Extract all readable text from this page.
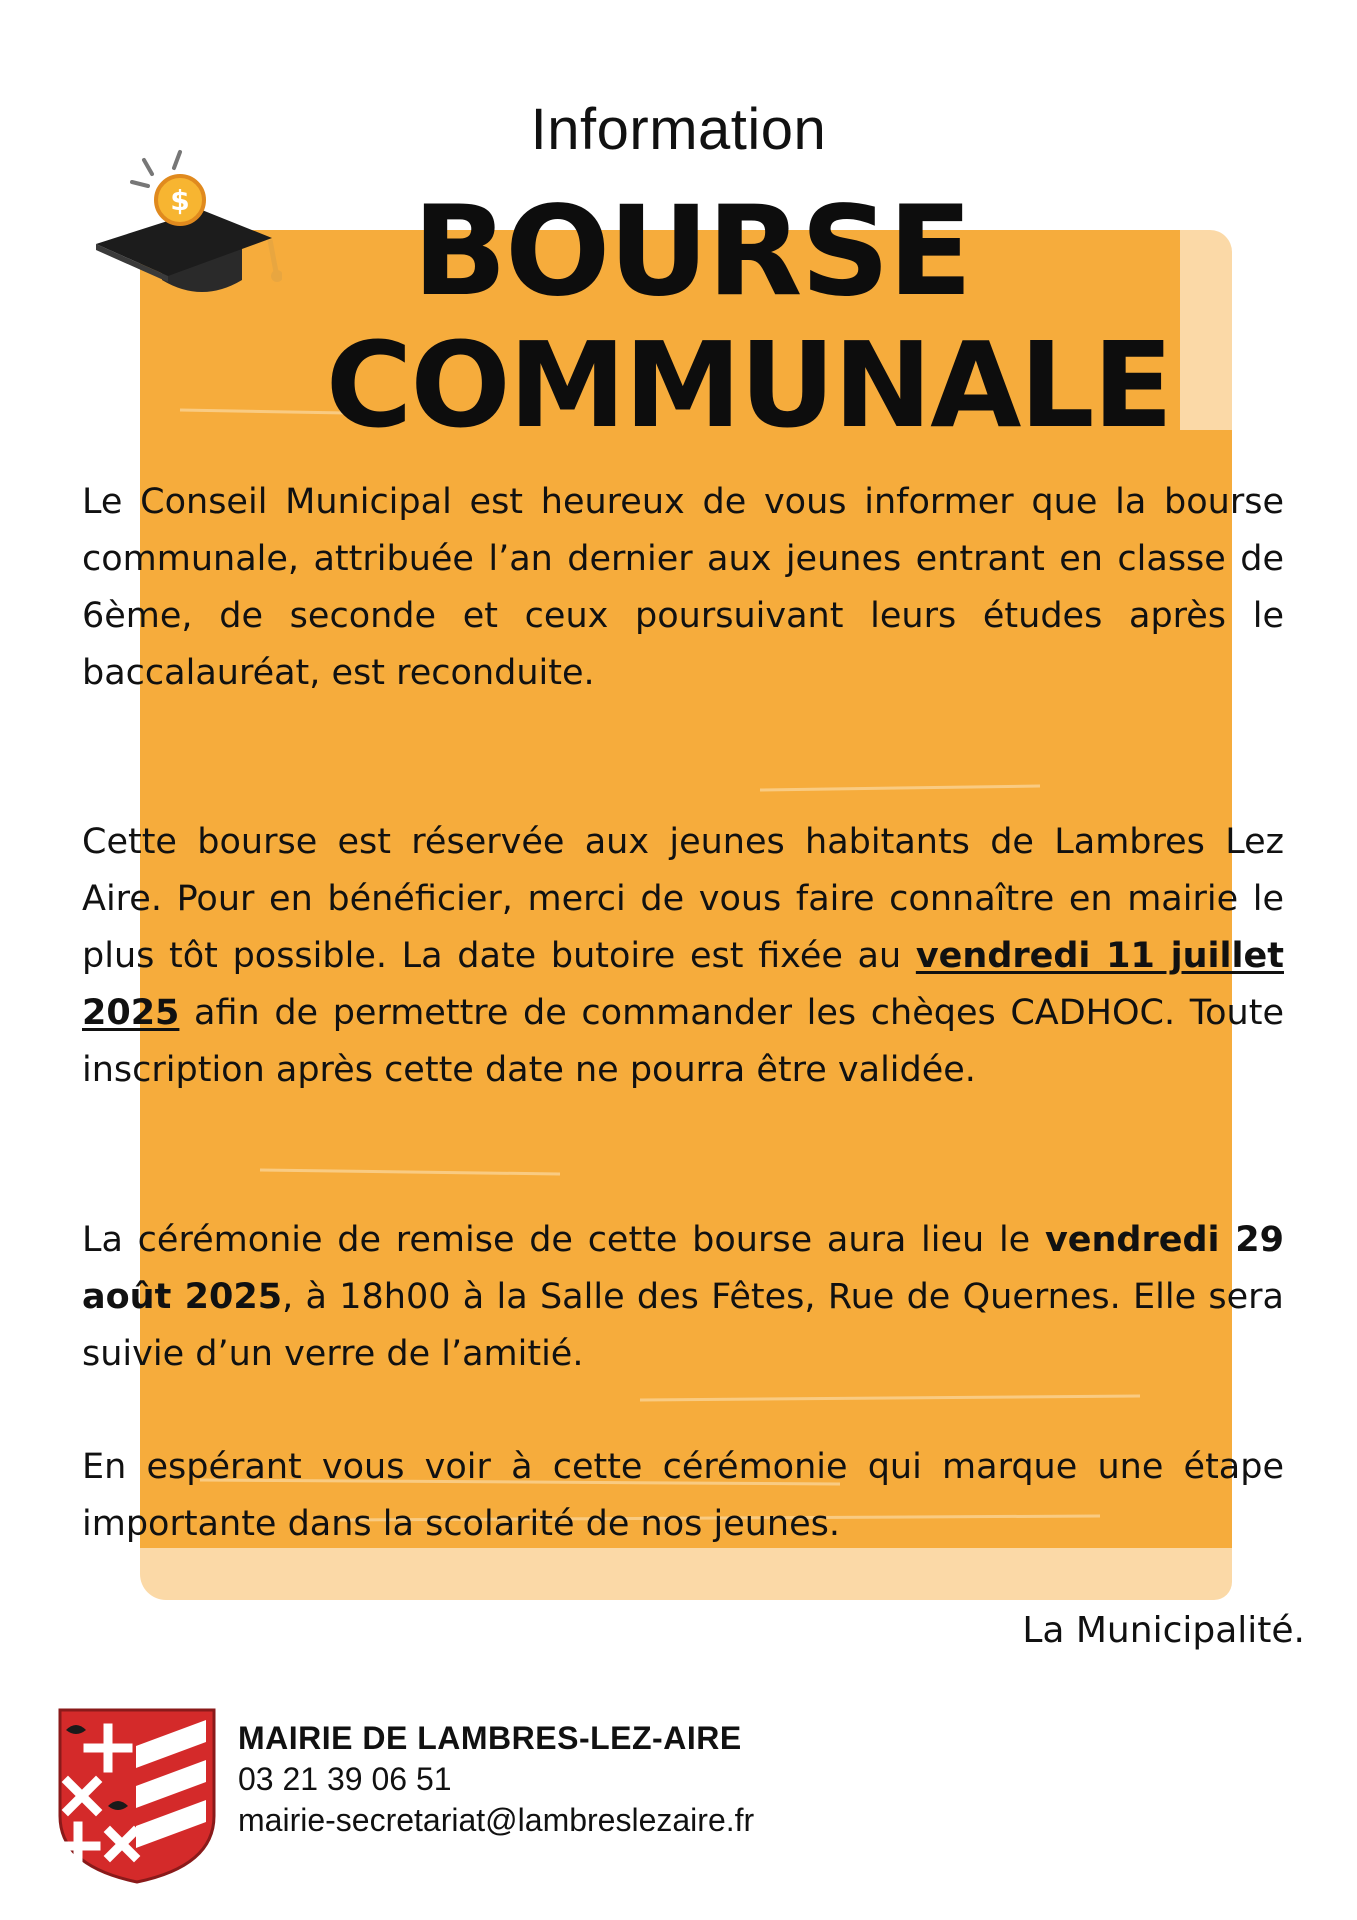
Information
$	BOURSE
COMMUNALE

Le Conseil Municipal est heureux de vous informer que la bourse communale, attribuée l’an dernier aux jeunes entrant en classe de 6ème, de seconde et ceux poursuivant leurs études après le baccalauréat, est reconduite.

Cette bourse est réservée aux jeunes habitants de Lambres Lez Aire. Pour en bénéficier, merci de vous faire connaître en mairie le plus tôt possible. La date butoire est fixée au vendredi 11 juillet 2025 afin de permettre de commander les chèqes CADHOC. Toute inscription après cette date ne pourra être validée.

La cérémonie de remise de cette bourse aura lieu le vendredi 29 août 2025, à 18h00 à la Salle des Fêtes, Rue de Quernes. Elle sera suivie d’un verre de l’amitié.

En espérant vous voir à cette cérémonie qui marque une étape importante dans la scolarité de nos jeunes.

La Municipalité.
MAIRIE DE LAMBRES-LEZ-AIRE
03 21 39 06 51
mairie-secretariat@lambreslezaire.fr
